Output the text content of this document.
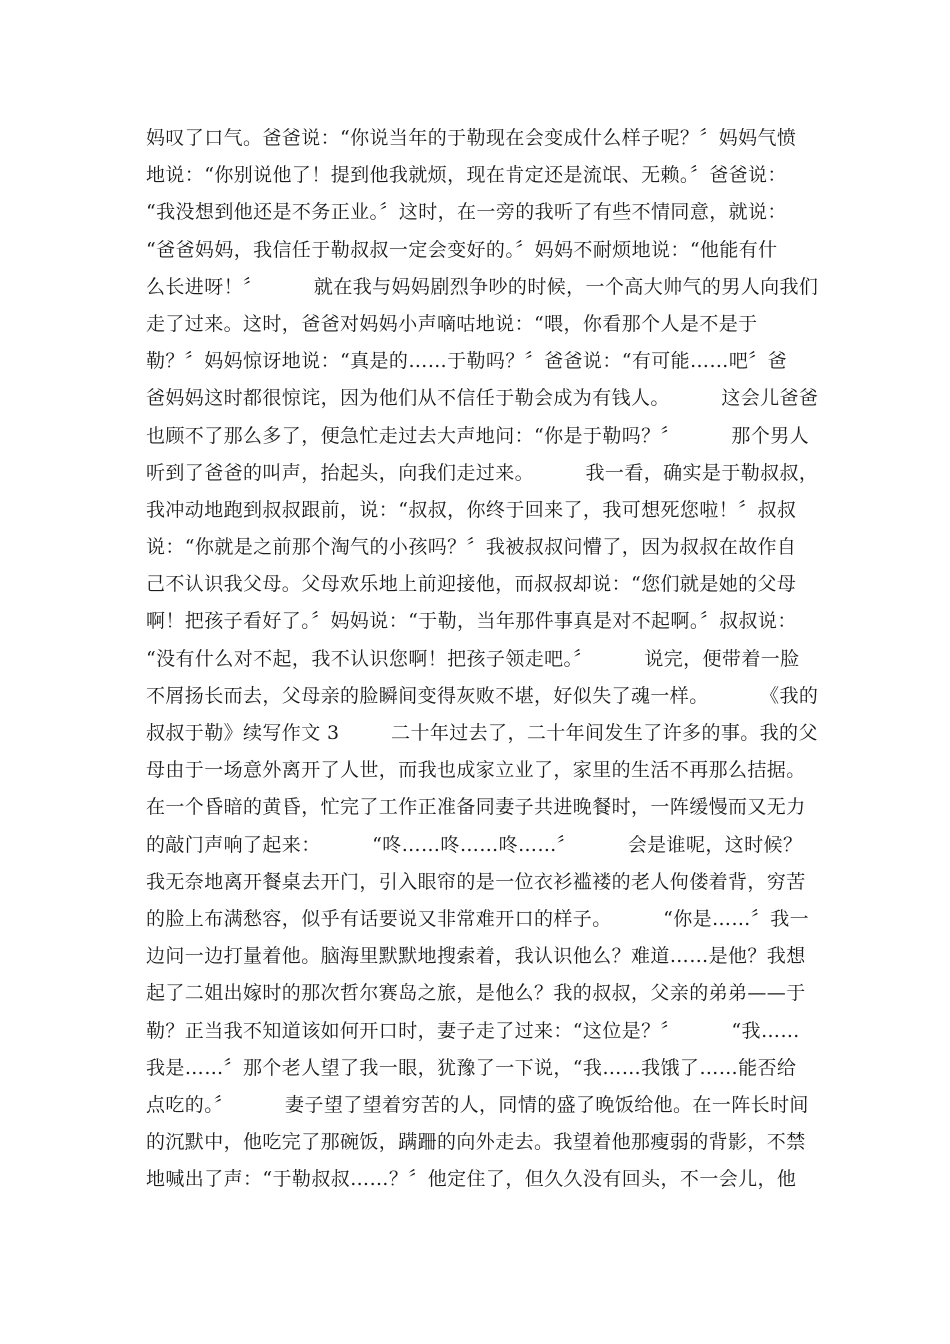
妈叹了口气。爸爸说：“你说当年的于勒现在会变成什么样子呢？〞妈妈气愤
地说：“你别说他了！提到他我就烦，现在肯定还是流氓、无赖。〞爸爸说：
“我没想到他还是不务正业。〞这时，在一旁的我听了有些不情同意，就说：
“爸爸妈妈，我信任于勒叔叔一定会变好的。〞妈妈不耐烦地说：“他能有什
么长进呀！〞        就在我与妈妈剧烈争吵的时候，一个高大帅气的男人向我们
走了过来。这时，爸爸对妈妈小声嘀咕地说：“喂，你看那个人是不是于
勒？〞妈妈惊讶地说：“真是的……于勒吗？〞爸爸说：“有可能……吧〞爸
爸妈妈这时都很惊诧，因为他们从不信任于勒会成为有钱人。        这会儿爸爸
也顾不了那么多了，便急忙走过去大声地问：“你是于勒吗？〞        那个男人
听到了爸爸的叫声，抬起头，向我们走过来。        我一看，确实是于勒叔叔，
我冲动地跑到叔叔跟前，说：“叔叔，你终于回来了，我可想死您啦！〞叔叔
说：“你就是之前那个淘气的小孩吗？〞我被叔叔问懵了，因为叔叔在故作自
己不认识我父母。父母欢乐地上前迎接他，而叔叔却说：“您们就是她的父母
啊！把孩子看好了。〞妈妈说：“于勒，当年那件事真是对不起啊。〞叔叔说：
“没有什么对不起，我不认识您啊！把孩子领走吧。〞        说完，便带着一脸
不屑扬长而去，父母亲的脸瞬间变得灰败不堪，好似失了魂一样。        《我的
叔叔于勒》续写作文 3        二十年过去了，二十年间发生了许多的事。我的父
母由于一场意外离开了人世，而我也成家立业了，家里的生活不再那么拮据。
在一个昏暗的黄昏，忙完了工作正准备同妻子共进晚餐时，一阵缓慢而又无力
的敲门声响了起来：        “咚……咚……咚……〞        会是谁呢，这时候？
我无奈地离开餐桌去开门，引入眼帘的是一位衣衫褴褛的老人佝偻着背，穷苦
的脸上布满愁容，似乎有话要说又非常难开口的样子。        “你是……〞我一
边问一边打量着他。脑海里默默地搜索着，我认识他么？难道……是他？我想
起了二姐出嫁时的那次哲尔赛岛之旅，是他么？我的叔叔，父亲的弟弟——于
勒？正当我不知道该如何开口时，妻子走了过来：“这位是？〞        “我……
我是……〞那个老人望了我一眼，犹豫了一下说，“我……我饿了……能否给
点吃的。〞        妻子望了望着穷苦的人，同情的盛了晚饭给他。在一阵长时间
的沉默中，他吃完了那碗饭，蹒跚的向外走去。我望着他那瘦弱的背影，不禁
地喊出了声：“于勒叔叔……？〞他定住了，但久久没有回头，不一会儿，他
